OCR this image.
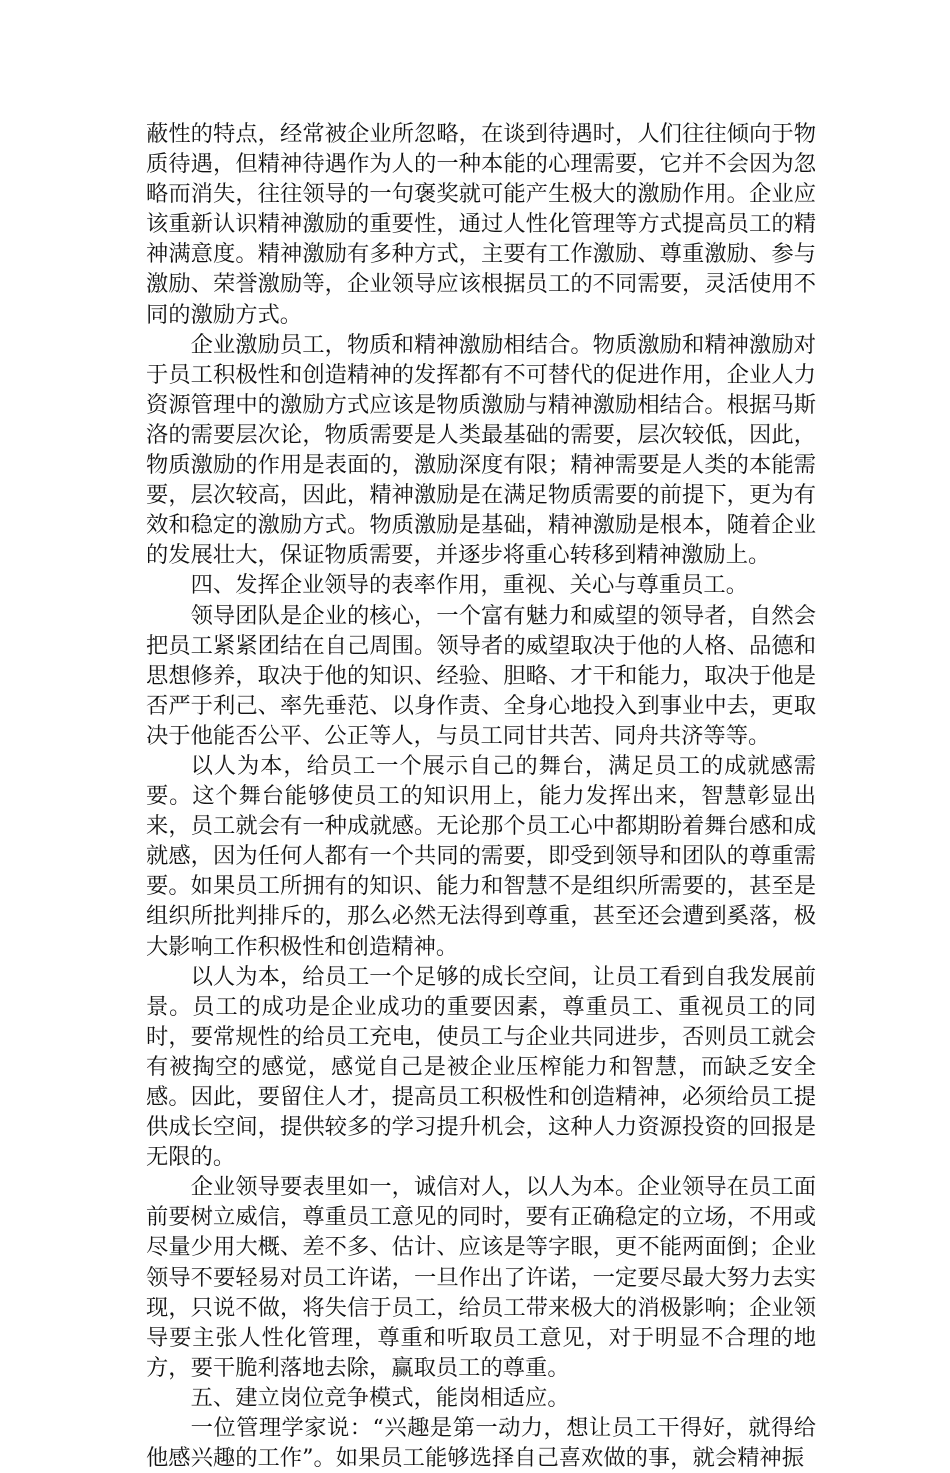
蔽性的特点，经常被企业所忽略，在谈到待遇时，人们往往倾向于物质待遇，但精神待遇作为人的一种本能的心理需要，它并不会因为忽略而消失，往往领导的一句褒奖就可能产生极大的激励作用。企业应该重新认识精神激励的重要性，通过人性化管理等方式提高员工的精神满意度。精神激励有多种方式，主要有工作激励、尊重激励、参与激励、荣誉激励等，企业领导应该根据员工的不同需要，灵活使用不同的激励方式。

企业激励员工，物质和精神激励相结合。物质激励和精神激励对于员工积极性和创造精神的发挥都有不可替代的促进作用，企业人力资源管理中的激励方式应该是物质激励与精神激励相结合。根据马斯洛的需要层次论，物质需要是人类最基础的需要，层次较低，因此，物质激励的作用是表面的，激励深度有限；精神需要是人类的本能需要，层次较高，因此，精神激励是在满足物质需要的前提下，更为有效和稳定的激励方式。物质激励是基础，精神激励是根本，随着企业的发展壮大，保证物质需要，并逐步将重心转移到精神激励上。

四、发挥企业领导的表率作用，重视、关心与尊重员工。

领导团队是企业的核心，一个富有魅力和威望的领导者，自然会把员工紧紧团结在自己周围。领导者的威望取决于他的人格、品德和思想修养，取决于他的知识、经验、胆略、才干和能力，取决于他是否严于利己、率先垂范、以身作责、全身心地投入到事业中去，更取决于他能否公平、公正等人，与员工同甘共苦、同舟共济等等。

以人为本，给员工一个展示自己的舞台，满足员工的成就感需要。这个舞台能够使员工的知识用上，能力发挥出来，智慧彰显出来，员工就会有一种成就感。无论那个员工心中都期盼着舞台感和成就感，因为任何人都有一个共同的需要，即受到领导和团队的尊重需要。如果员工所拥有的知识、能力和智慧不是组织所需要的，甚至是组织所批判排斥的，那么必然无法得到尊重，甚至还会遭到奚落，极大影响工作积极性和创造精神。

以人为本，给员工一个足够的成长空间，让员工看到自我发展前景。员工的成功是企业成功的重要因素，尊重员工、重视员工的同时，要常规性的给员工充电，使员工与企业共同进步，否则员工就会有被掏空的感觉，感觉自己是被企业压榨能力和智慧，而缺乏安全感。因此，要留住人才，提高员工积极性和创造精神，必须给员工提供成长空间，提供较多的学习提升机会，这种人力资源投资的回报是无限的。

企业领导要表里如一，诚信对人，以人为本。企业领导在员工面前要树立威信，尊重员工意见的同时，要有正确稳定的立场，不用或尽量少用大概、差不多、估计、应该是等字眼，更不能两面倒；企业领导不要轻易对员工许诺，一旦作出了许诺，一定要尽最大努力去实现，只说不做，将失信于员工，给员工带来极大的消极影响；企业领导要主张人性化管理，尊重和听取员工意见，对于明显不合理的地方，要干脆利落地去除，赢取员工的尊重。

五、建立岗位竞争模式，能岗相适应。

一位管理学家说：“兴趣是第一动力，想让员工干得好，就得给他感兴趣的工作”。如果员工能够选择自己喜欢做的事，就会精神振
